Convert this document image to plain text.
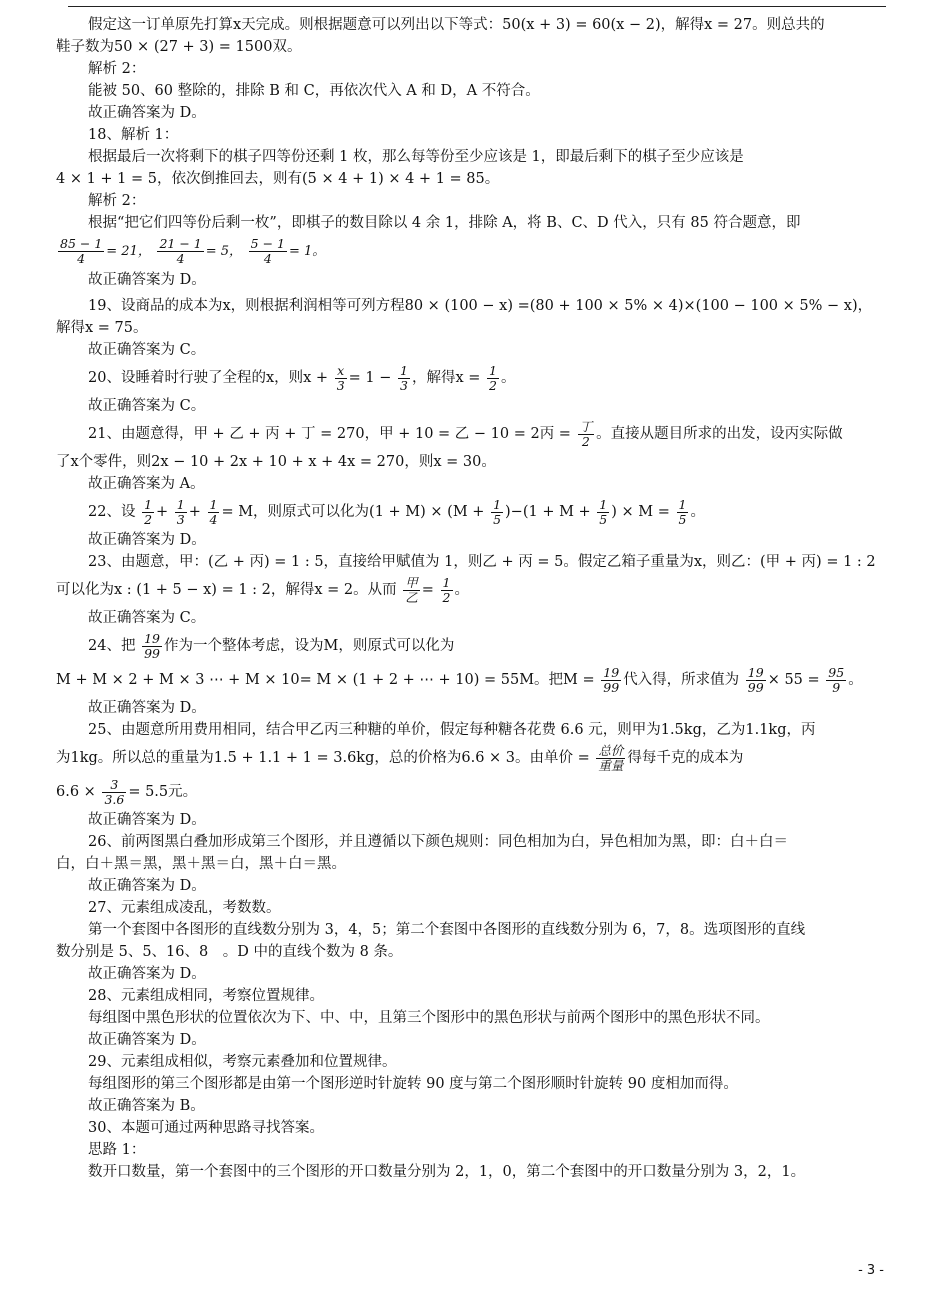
假定这一订单原先打算x天完成。则根据题意可以列出以下等式：50(x + 3) = 60(x − 2)，解得x = 27。则总共的

鞋子数为50 × (27 + 3) = 1500双。

解析 2：

能被 50、60 整除的，排除 B 和 C，再依次代入 A 和 D，A 不符合。

故正确答案为 D。

18、解析 1：

根据最后一次将剩下的棋子四等份还剩 1 枚，那么每等份至少应该是 1，即最后剩下的棋子至少应该是

4 × 1 + 1 = 5，依次倒推回去，则有(5 × 4 + 1) × 4 + 1 = 85。

解析 2：

根据“把它们四等份后剩一枚”，即棋子的数目除以 4 余 1，排除 A，将 B、C、D 代入，只有 85 符合题意，即

$\frac{85 - 1}{4} = 21$， $\frac{21 - 1}{4} = 5$， $\frac{5 - 1}{4} = 1$。

故正确答案为 D。

19、设商品的成本为x，则根据利润相等可列方程80 × (100 − x) =(80 + 100 × 5% × 4)×(100 − 100 × 5% − x)，

解得x = 75。

故正确答案为 C。

20、设睡着时行驶了全程的x，则$x + \frac{x}{3} = 1 - \frac{1}{3}$ ，解得$x = \frac{1}{2}$ 。

故正确答案为 C。

21、由题意得，甲 + 乙 + 丙 + 丁 = 270，甲 + 10 = 乙 − 10 = 2丙 = $\frac{\text{丁}}{2}$ 。直接从题目所求的出发，设丙实际做

了x个零件，则2x − 10 + 2x + 10 + x + 4x = 270，则x = 30。

故正确答案为 A。

22、设 $\frac{1}{2} + \frac{1}{3} + \frac{1}{4} = M$，则原式可以化为$(1 + M) \times (M + \frac{1}{5} )-(1 + M + \frac{1}{5}$ ) × $M = \frac{1}{5}$ 。

故正确答案为 D。

23、由题意，甲：(乙 + 丙) = 1 : 5，直接给甲赋值为 1，则乙 + 丙 = 5。假定乙箱子重量为x，则乙：(甲 + 丙) = 1 : 2

可以化为x : (1 + 5 − x) = 1 : 2，解得x = 2。从而 $\frac{\text{甲}}{\text{乙}} = \frac{1}{2}$ 。

故正确答案为 C。

24、把 $\frac{19}{99}$ 作为一个整体考虑，设为M，则原式可以化为

M + M × 2 + M × 3 ⋯ + M × 10= M × (1 + 2 + ⋯ + 10) = 55M。把$M = \frac{19}{99}$ 代入得，所求值为 $\frac{19}{99} \times 55 = \frac{95}{9}$ 。

故正确答案为 D。

25、由题意所用费用相同，结合甲乙丙三种糖的单价，假定每种糖各花费 6.6 元，则甲为1.5kg，乙为1.1kg，丙

为1kg。所以总的重量为1.5 + 1.1 + 1 = 3.6kg，总的价格为6.6 × 3。由单价 = $\frac{\text{总价}}{\text{重量}}$ 得每千克的成本为

$6.6 \times \frac{3}{3.6} = 5.5$元。

故正确答案为 D。

26、前两图黑白叠加形成第三个图形，并且遵循以下颜色规则：同色相加为白，异色相加为黑，即：白＋白＝

白，白＋黑＝黑，黑＋黑＝白，黑＋白＝黑。

故正确答案为 D。

27、元素组成凌乱，考数数。

第一个套图中各图形的直线数分别为 3，4，5；第二个套图中各图形的直线数分别为 6，7，8。选项图形的直线

数分别是 5、5、16、8　。D 中的直线个数为 8 条。

故正确答案为 D。

28、元素组成相同，考察位置规律。

每组图中黑色形状的位置依次为下、中、中，且第三个图形中的黑色形状与前两个图形中的黑色形状不同。

故正确答案为 D。

29、元素组成相似，考察元素叠加和位置规律。

每组图形的第三个图形都是由第一个图形逆时针旋转 90 度与第二个图形顺时针旋转 90 度相加而得。

故正确答案为 B。

30、本题可通过两种思路寻找答案。

思路 1：

数开口数量，第一个套图中的三个图形的开口数量分别为 2，1，0，第二个套图中的开口数量分别为 3，2，1。

- 3 -
